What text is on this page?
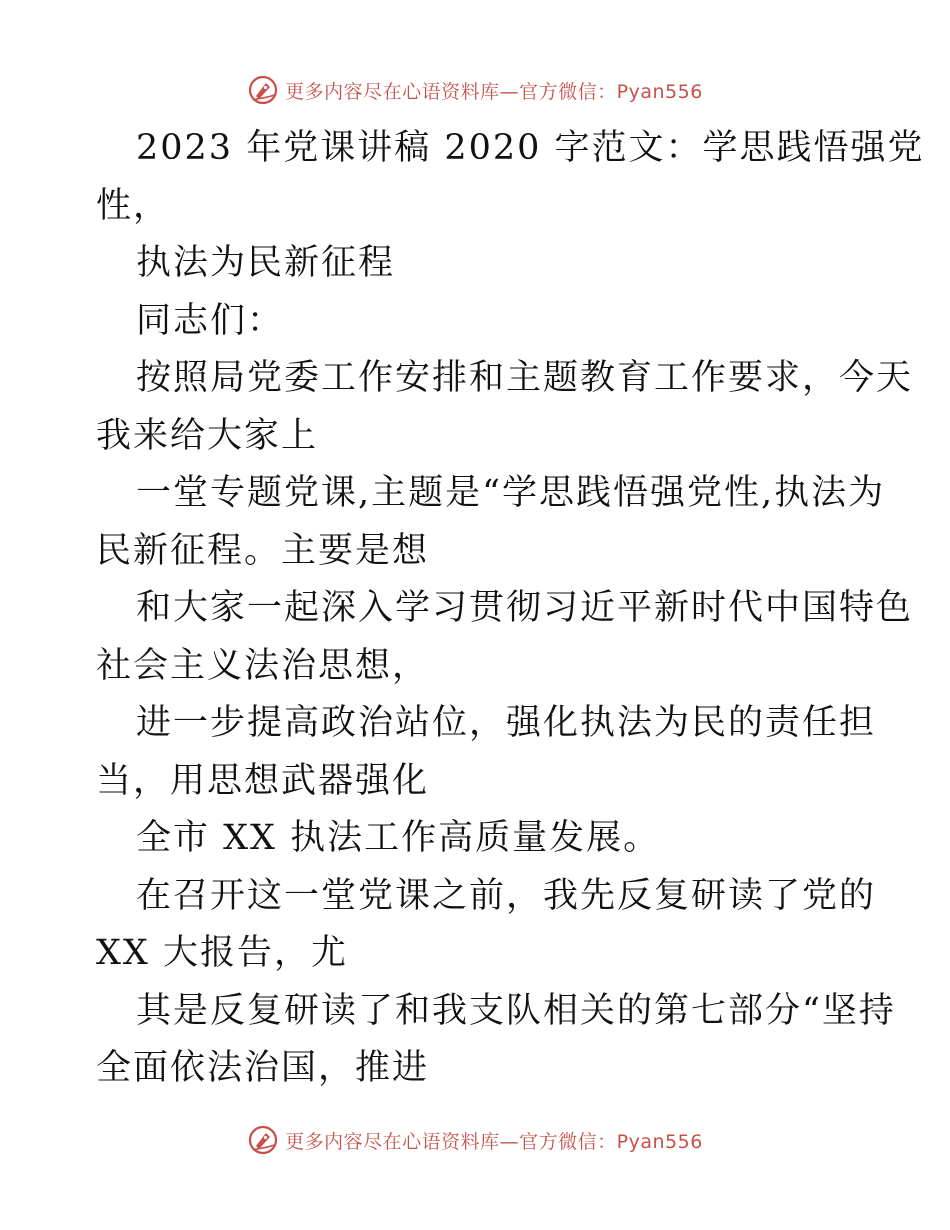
更多内容尽在心语资料库—官方微信：Pyan556
2023 年党课讲稿 2020 字范文：学思践悟强党
性，
执法为民新征程
同志们：
按照局党委工作安排和主题教育工作要求，今天
我来给大家上
一堂专题党课,主题是“学思践悟强党性,执法为
民新征程。主要是想
和大家一起深入学习贯彻习近平新时代中国特色
社会主义法治思想，
进一步提高政治站位，强化执法为民的责任担
当，用思想武器强化
全市 XX 执法工作高质量发展。
在召开这一堂党课之前，我先反复研读了党的
XX 大报告，尤
其是反复研读了和我支队相关的第七部分“坚持
全面依法治国，推进
更多内容尽在心语资料库—官方微信：Pyan556
